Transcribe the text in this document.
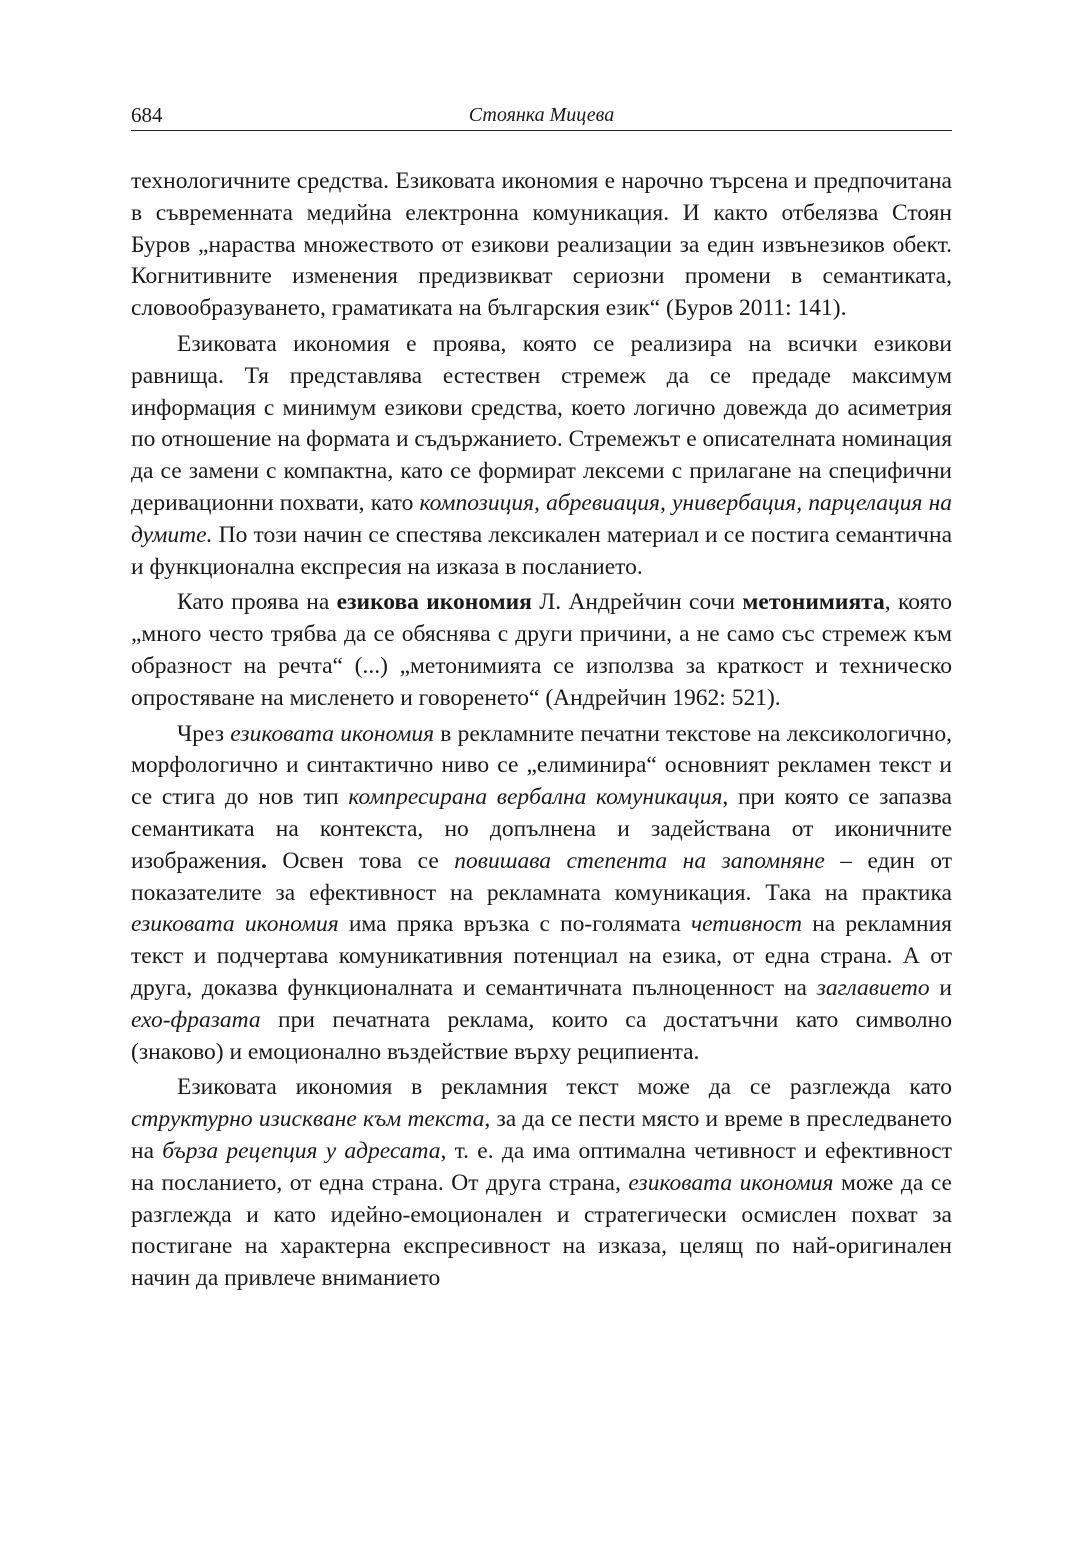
684	Стоянка Мицева

технологичните средства. Езиковата икономия е нарочно търсена и предпочитана в съвременната медийна електронна комуникация. И както отбелязва Стоян Буров „нараства множеството от езикови реализации за един извънезиков обект. Когнитивните изменения предизвикват сериозни промени в семантиката, словообразуването, граматиката на българския език“ (Буров 2011: 141).

Езиковата икономия е проява, която се реализира на всички езикови равнища. Тя представлява естествен стремеж да се предаде максимум информация с минимум езикови средства, което логично довежда до асиметрия по отношение на формата и съдържанието. Стремежът е описателната номинация да се замени с компактна, като се формират лексеми с прилагане на специфични деривационни похвати, като композиция, абревиация, универбация, парцелация на думите. По този начин се спестява лексикален материал и се постига семантична и функционална експресия на изказа в посланието.

Като проява на езикова икономия Л. Андрейчин сочи метонимията, която „много често трябва да се обяснява с други причини, а не само със стремеж към образност на речта“ (...) „метонимията се използва за краткост и техническо опростяване на мисленето и говоренето“ (Андрейчин 1962: 521).

Чрез езиковата икономия в рекламните печатни текстове на лексикологично, морфологично и синтактично ниво се „елиминира“ основният рекламен текст и се стига до нов тип компресирана вербална комуникация, при която се запазва семантиката на контекста, но допълнена и задействана от иконичните изображения. Освен това се повишава степента на запомняне – един от показателите за ефективност на рекламната комуникация. Така на практика езиковата икономия има пряка връзка с по-голямата четивност на рекламния текст и подчертава комуникативния потенциал на езика, от една страна. А от друга, доказва функционалната и семантичната пълноценност на заглавието и ехо-фразата при печатната реклама, които са достатъчни като символно (знаково) и емоционално въздействие върху реципиента.

Езиковата икономия в рекламния текст може да се разглежда като структурно изискване към текста, за да се пести място и време в преследването на бърза рецепция у адресата, т. е. да има оптимална четивност и ефективност на посланието, от една страна. От друга страна, езиковата икономия може да се разглежда и като идейно-емоционален и стратегически осмислен похват за постигане на характерна експресивност на изказа, целящ по най-оригинален начин да привлече вниманието
